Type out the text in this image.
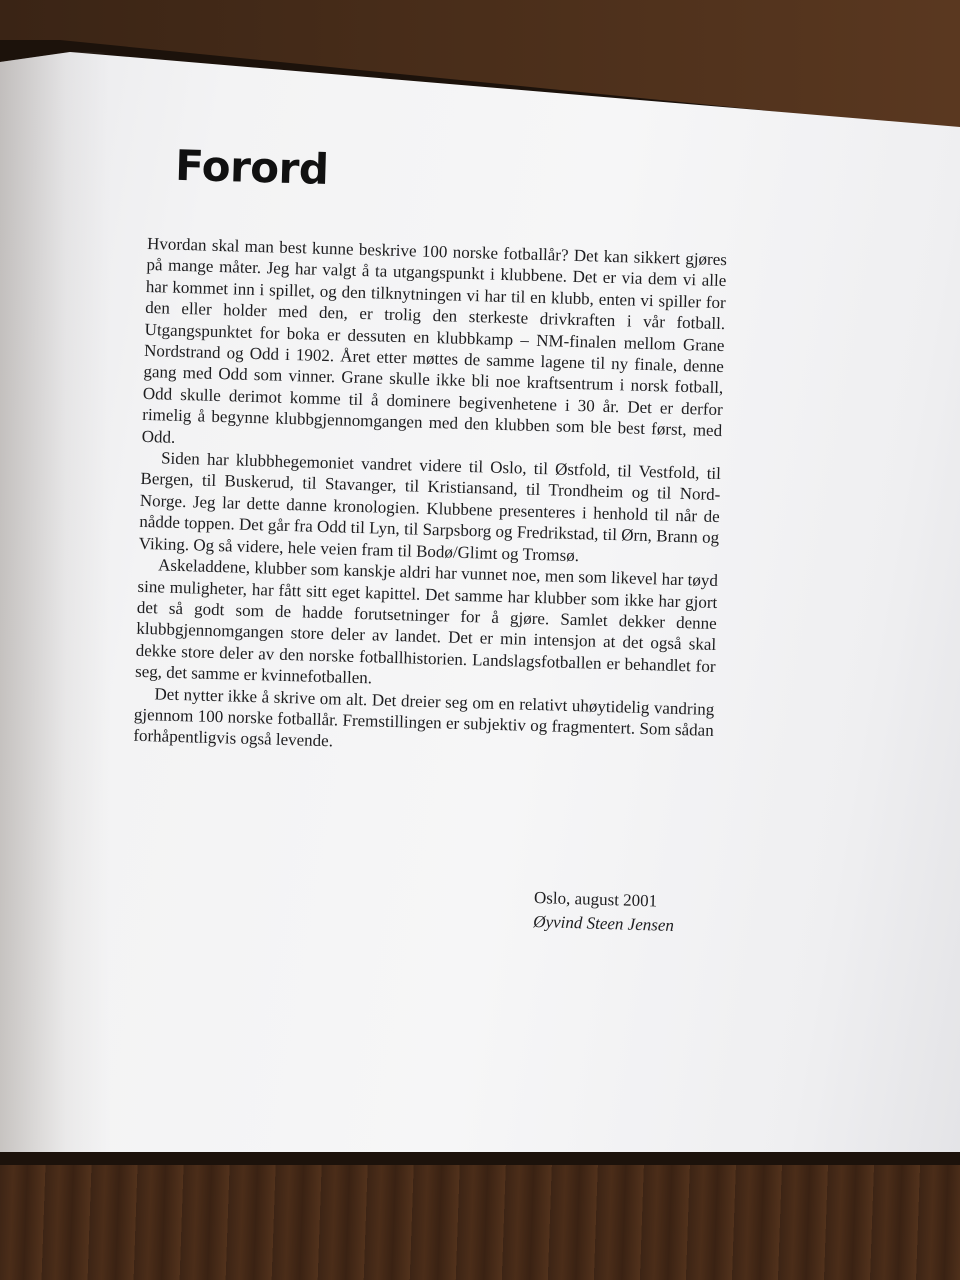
Forord

Hvordan skal man best kunne beskrive 100 norske fotballår? Det kan sikkert gjøres på mange måter. Jeg har valgt å ta utgangspunkt i klubbene. Det er via dem vi alle har kommet inn i spillet, og den tilknytningen vi har til en klubb, enten vi spiller for den eller holder med den, er trolig den sterkeste drivkraften i vår fotball. Utgangspunktet for boka er dessuten en klubbkamp – NM-finalen mellom Grane Nordstrand og Odd i 1902. Året etter møttes de samme lagene til ny finale, denne gang med Odd som vinner. Grane skulle ikke bli noe kraftsentrum i norsk fotball, Odd skulle derimot komme til å dominere begivenhetene i 30 år. Det er derfor rimelig å begynne klubbgjennomgangen med den klubben som ble best først, med Odd.

Siden har klubbhegemoniet vandret videre til Oslo, til Østfold, til Vestfold, til Bergen, til Buskerud, til Stavanger, til Kristiansand, til Trondheim og til Nord-Norge. Jeg lar dette danne kronologien. Klubbene presenteres i henhold til når de nådde toppen. Det går fra Odd til Lyn, til Sarpsborg og Fredrikstad, til Ørn, Brann og Viking. Og så videre, hele veien fram til Bodø/Glimt og Tromsø.

Askeladdene, klubber som kanskje aldri har vunnet noe, men som likevel har tøyd sine muligheter, har fått sitt eget kapittel. Det samme har klubber som ikke har gjort det så godt som de hadde forutsetninger for å gjøre. Samlet dekker denne klubbgjennomgangen store deler av landet. Det er min intensjon at det også skal dekke store deler av den norske fotballhistorien. Landslagsfotballen er behandlet for seg, det samme er kvinnefotballen.

Det nytter ikke å skrive om alt. Det dreier seg om en relativt uhøytidelig vandring gjennom 100 norske fotballår. Fremstillingen er subjektiv og fragmentert. Som sådan forhåpentligvis også levende.

Oslo, august 2001
Øyvind Steen Jensen
